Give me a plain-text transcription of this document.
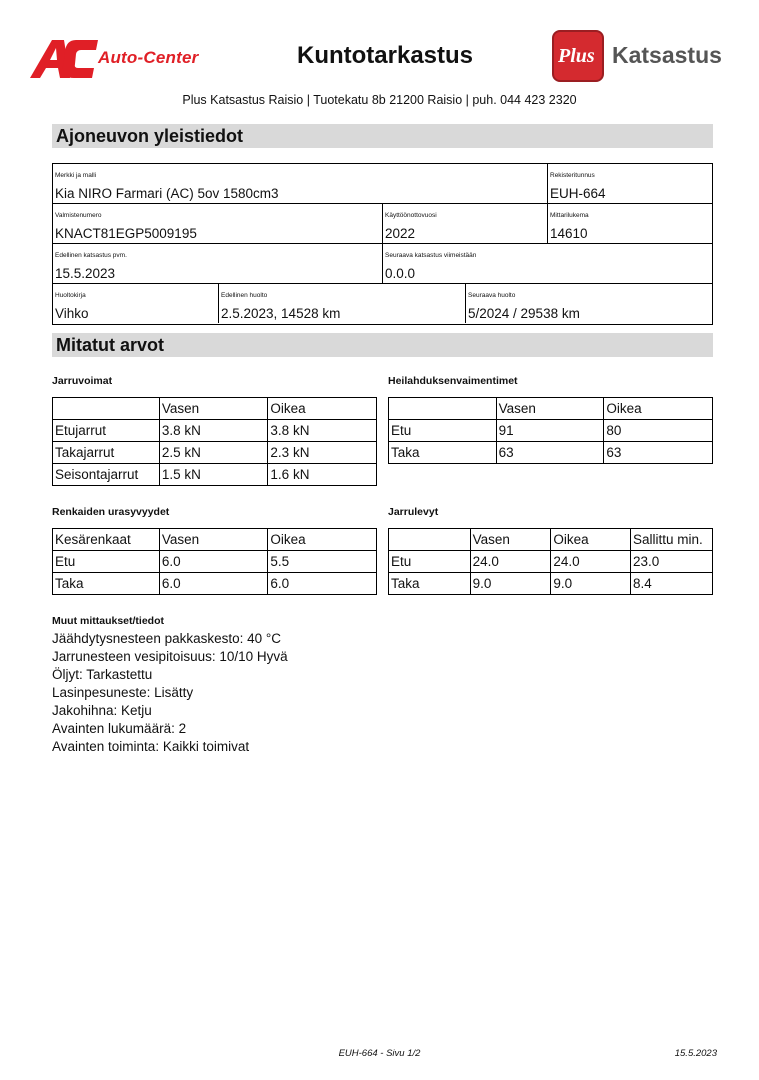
Auto-Center	Kuntotarkastus	Plus Katsastus
Plus Katsastus Raisio | Tuotekatu 8b 21200 Raisio | puh. 044 423 2320
Ajoneuvon yleistiedot
Merkki ja malli
Kia NIRO Farmari (AC) 5ov 1580cm3
Rekisteritunnus
EUH-664
Valmistenumero
KNACT81EGP5009195
Käyttöönottovuosi
2022
Mittarilukema
14610
Edellinen katsastus pvm.
15.5.2023
Seuraava katsastus viimeistään
0.0.0
Huoltokirja
Vihko
Edellinen huolto
2.5.2023, 14528 km
Seuraava huolto
5/2024 / 29538 km
Mitatut arvot
Jarruvoimat
	Vasen	Oikea
Etujarrut	3.8 kN	3.8 kN
Takajarrut	2.5 kN	2.3 kN
Seisontajarrut	1.5 kN	1.6 kN
Heilahduksenvaimentimet
	Vasen	Oikea
Etu	91	80
Taka	63	63
Renkaiden urasyvyydet
Kesärenkaat	Vasen	Oikea
Etu	6.0	5.5
Taka	6.0	6.0
Jarrulevyt
	Vasen	Oikea	Sallittu min.
Etu	24.0	24.0	23.0
Taka	9.0	9.0	8.4
Muut mittaukset/tiedot
Jäähdytysnesteen pakkaskesto: 40 °C
Jarrunesteen vesipitoisuus: 10/10 Hyvä
Öljyt: Tarkastettu
Lasinpesuneste: Lisätty
Jakohihna: Ketju
Avainten lukumäärä: 2
Avainten toiminta: Kaikki toimivat
EUH-664 - Sivu 1/2	15.5.2023
